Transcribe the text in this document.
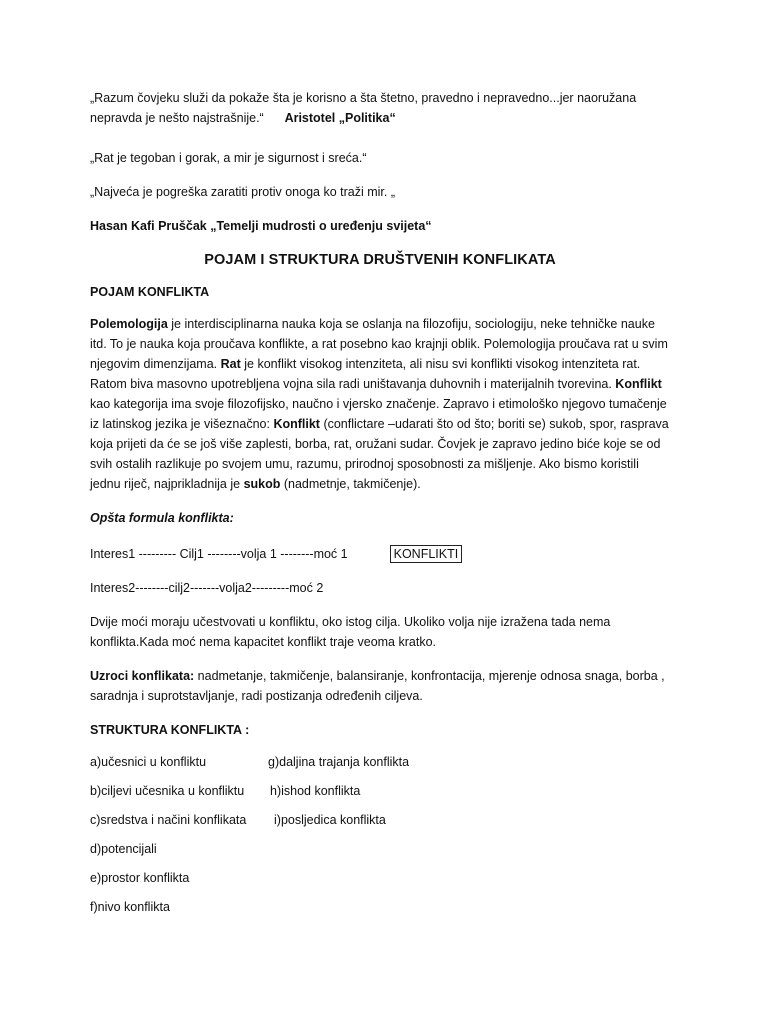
„Razum čovjeku služi da pokaže šta je korisno a šta štetno, pravedno i nepravedno...jer naoružana nepravda je nešto najstrašnije.“ Aristotel „Politika“

„Rat je tegoban i gorak, a mir je sigurnost i sreća.“

„Najveća je pogreška zaratiti protiv onoga ko traži mir. „

Hasan Kafi Pruščak „Temelji mudrosti o uređenju svijeta“

POJAM I STRUKTURA DRUŠTVENIH KONFLIKATA

POJAM KONFLIKTA

Polemologija je interdisciplinarna nauka koja se oslanja na filozofiju, sociologiju, neke tehničke nauke itd. To je nauka koja proučava konflikte, a rat posebno kao krajnji oblik. Polemologija proučava rat u svim njegovim dimenzijama. Rat je konflikt visokog intenziteta, ali nisu svi konflikti visokog intenziteta rat. Ratom biva masovno upotrebljena vojna sila radi uništavanja duhovnih i materijalnih tvorevina. Konflikt kao kategorija ima svoje filozofijsko, naučno i vjersko značenje. Zapravo i etimološko njegovo tumačenje iz latinskog jezika je višeznačno: Konflikt (conflictare –udarati što od što; boriti se) sukob, spor, rasprava koja prijeti da će se još više zaplesti, borba, rat, oružani sudar. Čovjek je zapravo jedino biće koje se od svih ostalih razlikuje po svojem umu, razumu, prirodnoj sposobnosti za mišljenje. Ako bismo koristili jednu riječ, najprikladnija je sukob (nadmetnje, takmičenje).

Opšta formula konflikta:

Interes1 --------- Cilj1 --------volja 1 --------moć 1	KONFLIKTI

Interes2--------cilj2-------volja2---------moć 2

Dvije moći moraju učestvovati u konfliktu, oko istog cilja. Ukoliko volja nije izražena tada nema konflikta.Kada moć nema kapacitet konflikt traje veoma kratko.

Uzroci konflikata: nadmetanje, takmičenje, balansiranje, konfrontacija, mjerenje odnosa snaga, borba , saradnja i suprotstavljanje, radi postizanja određenih ciljeva.

STRUKTURA KONFLIKTA :

a)učesnici u konfliktu	g)daljina trajanja konflikta
b)ciljevi učesnika u konfliktu	h)ishod konflikta
c)sredstva i načini konflikata	i)posljedica konflikta

d)potencijali

e)prostor konflikta

f)nivo konflikta
